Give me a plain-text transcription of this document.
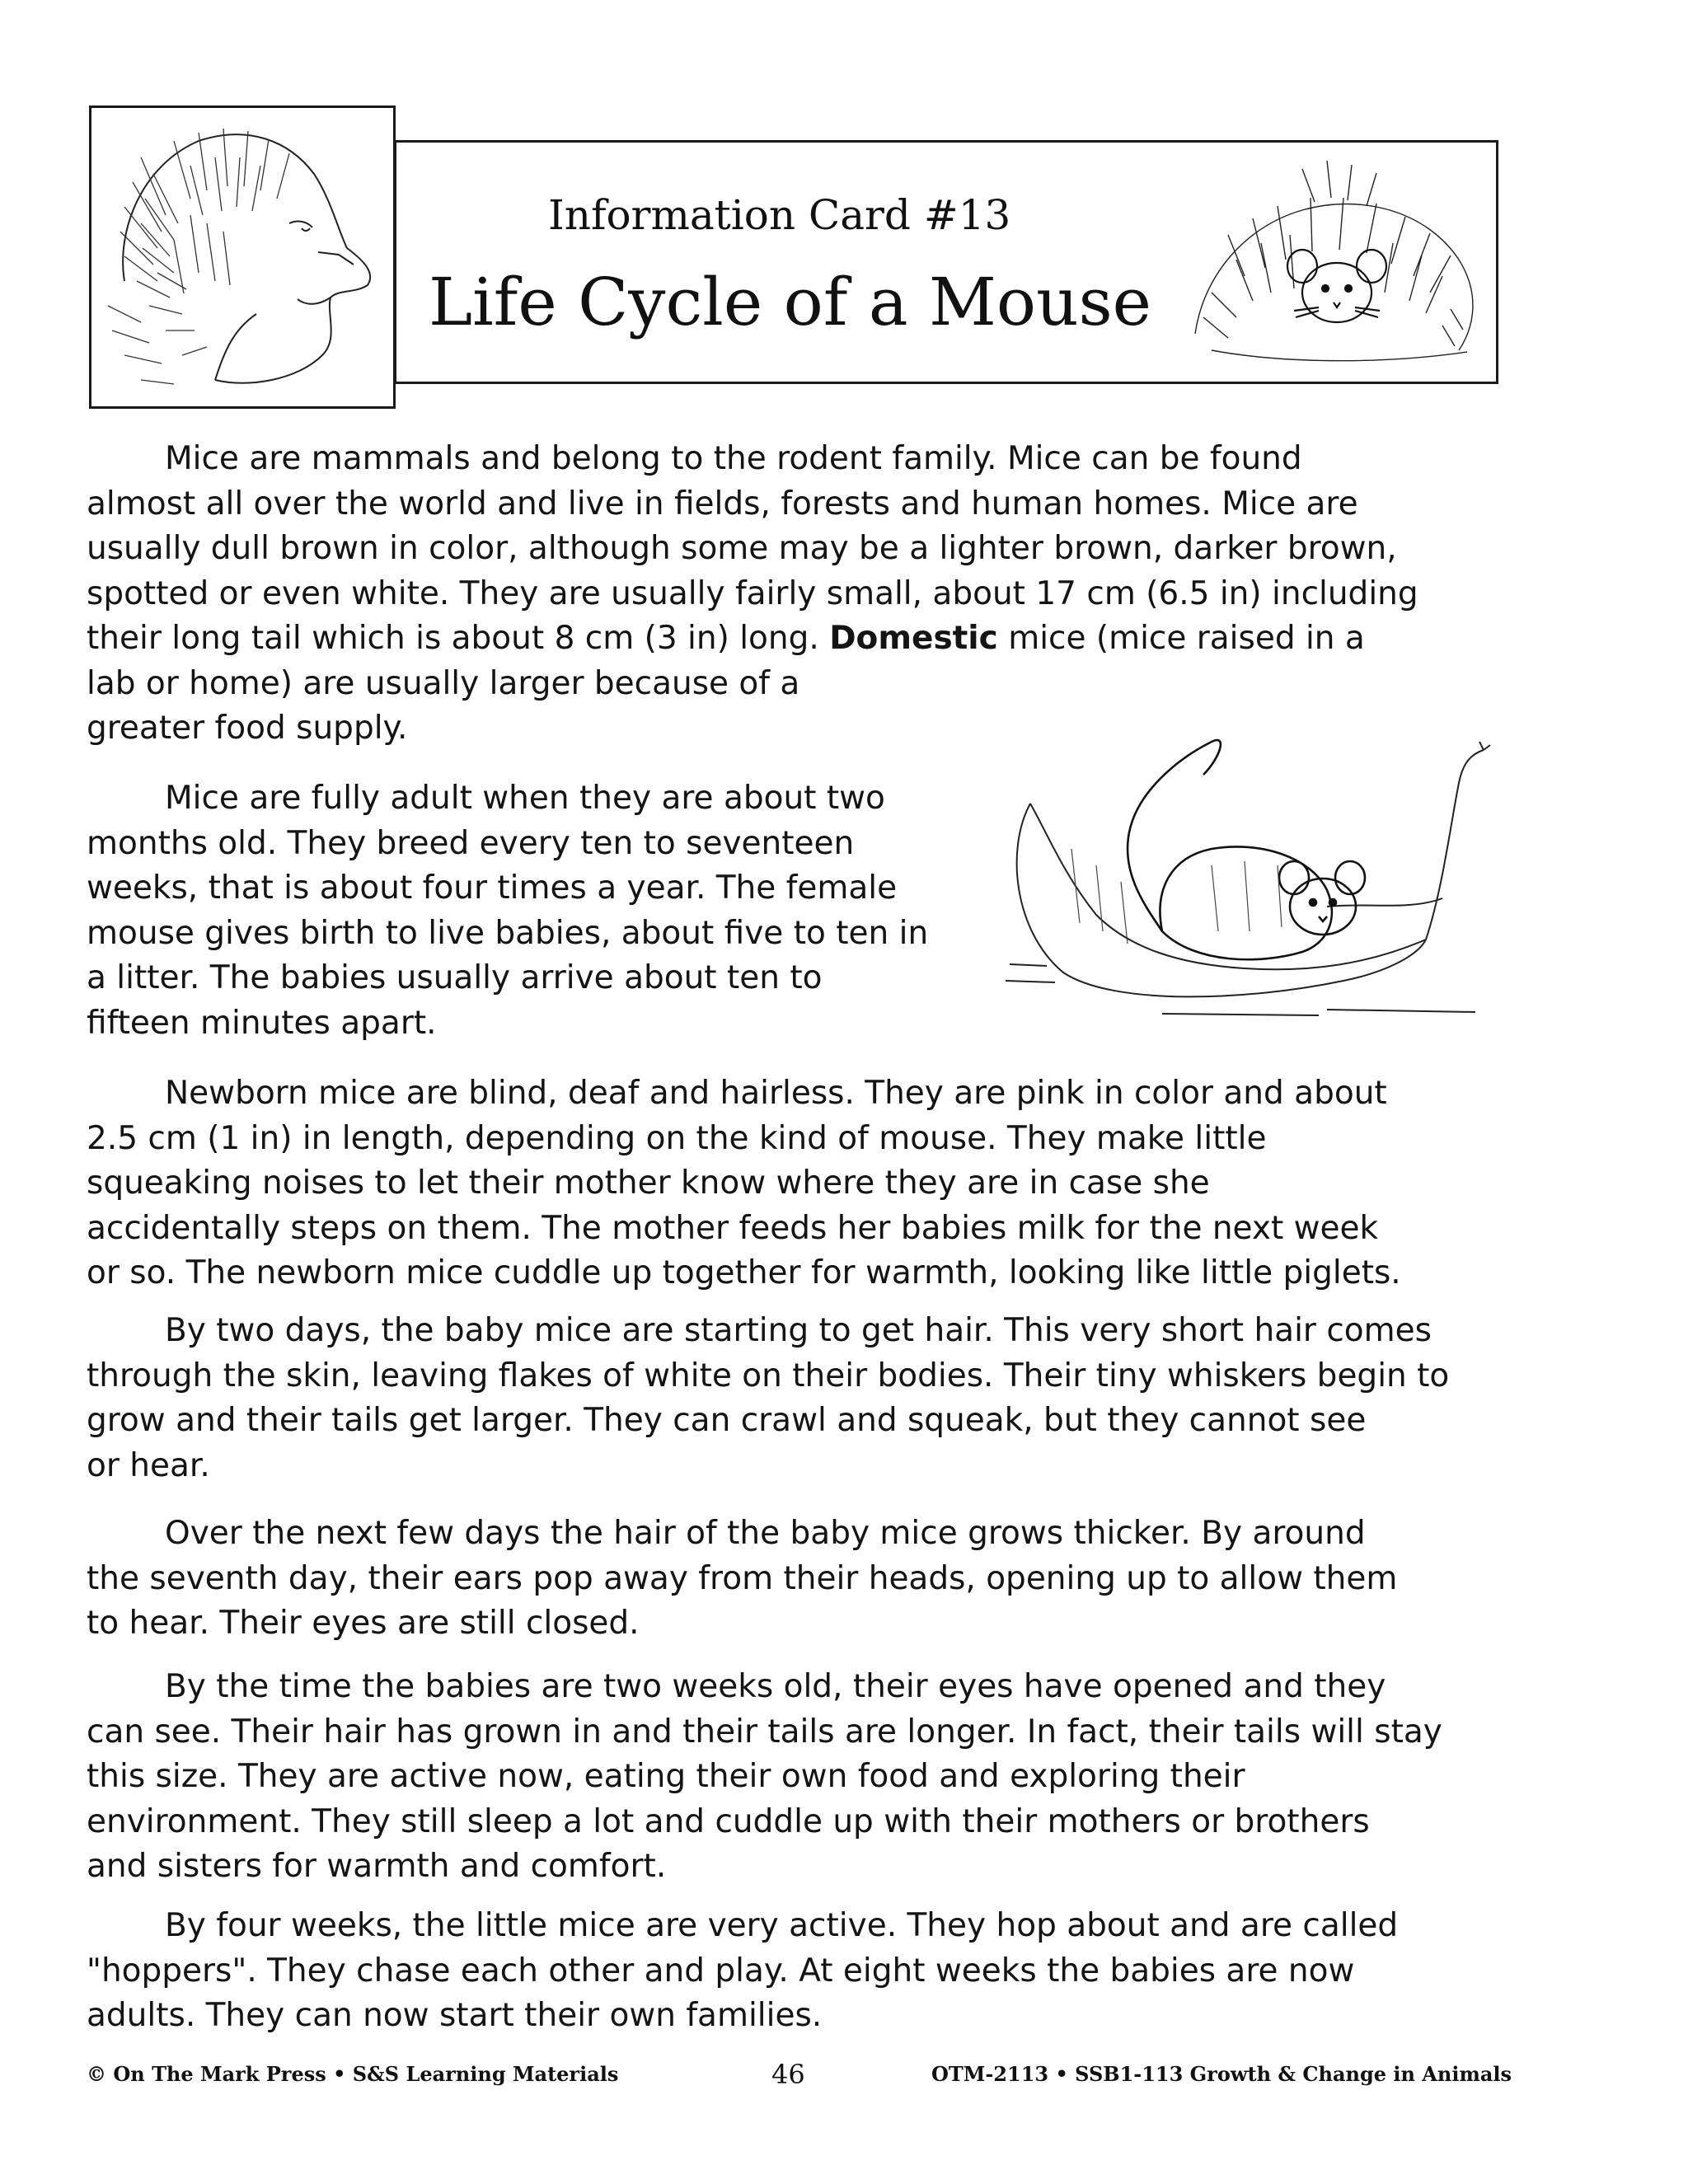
Information Card #13
Life Cycle of a Mouse

Mice are mammals and belong to the rodent family. Mice can be found
almost all over the world and live in fields, forests and human homes. Mice are
usually dull brown in color, although some may be a lighter brown, darker brown,
spotted or even white. They are usually fairly small, about 17 cm (6.5 in) including
their long tail which is about 8 cm (3 in) long. Domestic mice (mice raised in a
lab or home) are usually larger because of a
greater food supply.

Mice are fully adult when they are about two
months old. They breed every ten to seventeen
weeks, that is about four times a year. The female
mouse gives birth to live babies, about five to ten in
a litter. The babies usually arrive about ten to
fifteen minutes apart.

Newborn mice are blind, deaf and hairless. They are pink in color and about
2.5 cm (1 in) in length, depending on the kind of mouse. They make little
squeaking noises to let their mother know where they are in case she
accidentally steps on them. The mother feeds her babies milk for the next week
or so. The newborn mice cuddle up together for warmth, looking like little piglets.

By two days, the baby mice are starting to get hair. This very short hair comes
through the skin, leaving flakes of white on their bodies. Their tiny whiskers begin to
grow and their tails get larger. They can crawl and squeak, but they cannot see
or hear.

Over the next few days the hair of the baby mice grows thicker. By around
the seventh day, their ears pop away from their heads, opening up to allow them
to hear. Their eyes are still closed.

By the time the babies are two weeks old, their eyes have opened and they
can see. Their hair has grown in and their tails are longer. In fact, their tails will stay
this size. They are active now, eating their own food and exploring their
environment. They still sleep a lot and cuddle up with their mothers or brothers
and sisters for warmth and comfort.

By four weeks, the little mice are very active. They hop about and are called
"hoppers". They chase each other and play. At eight weeks the babies are now
adults. They can now start their own families.

© On The Mark Press • S&S Learning Materials	46	OTM-2113 • SSB1-113 Growth & Change in Animals
